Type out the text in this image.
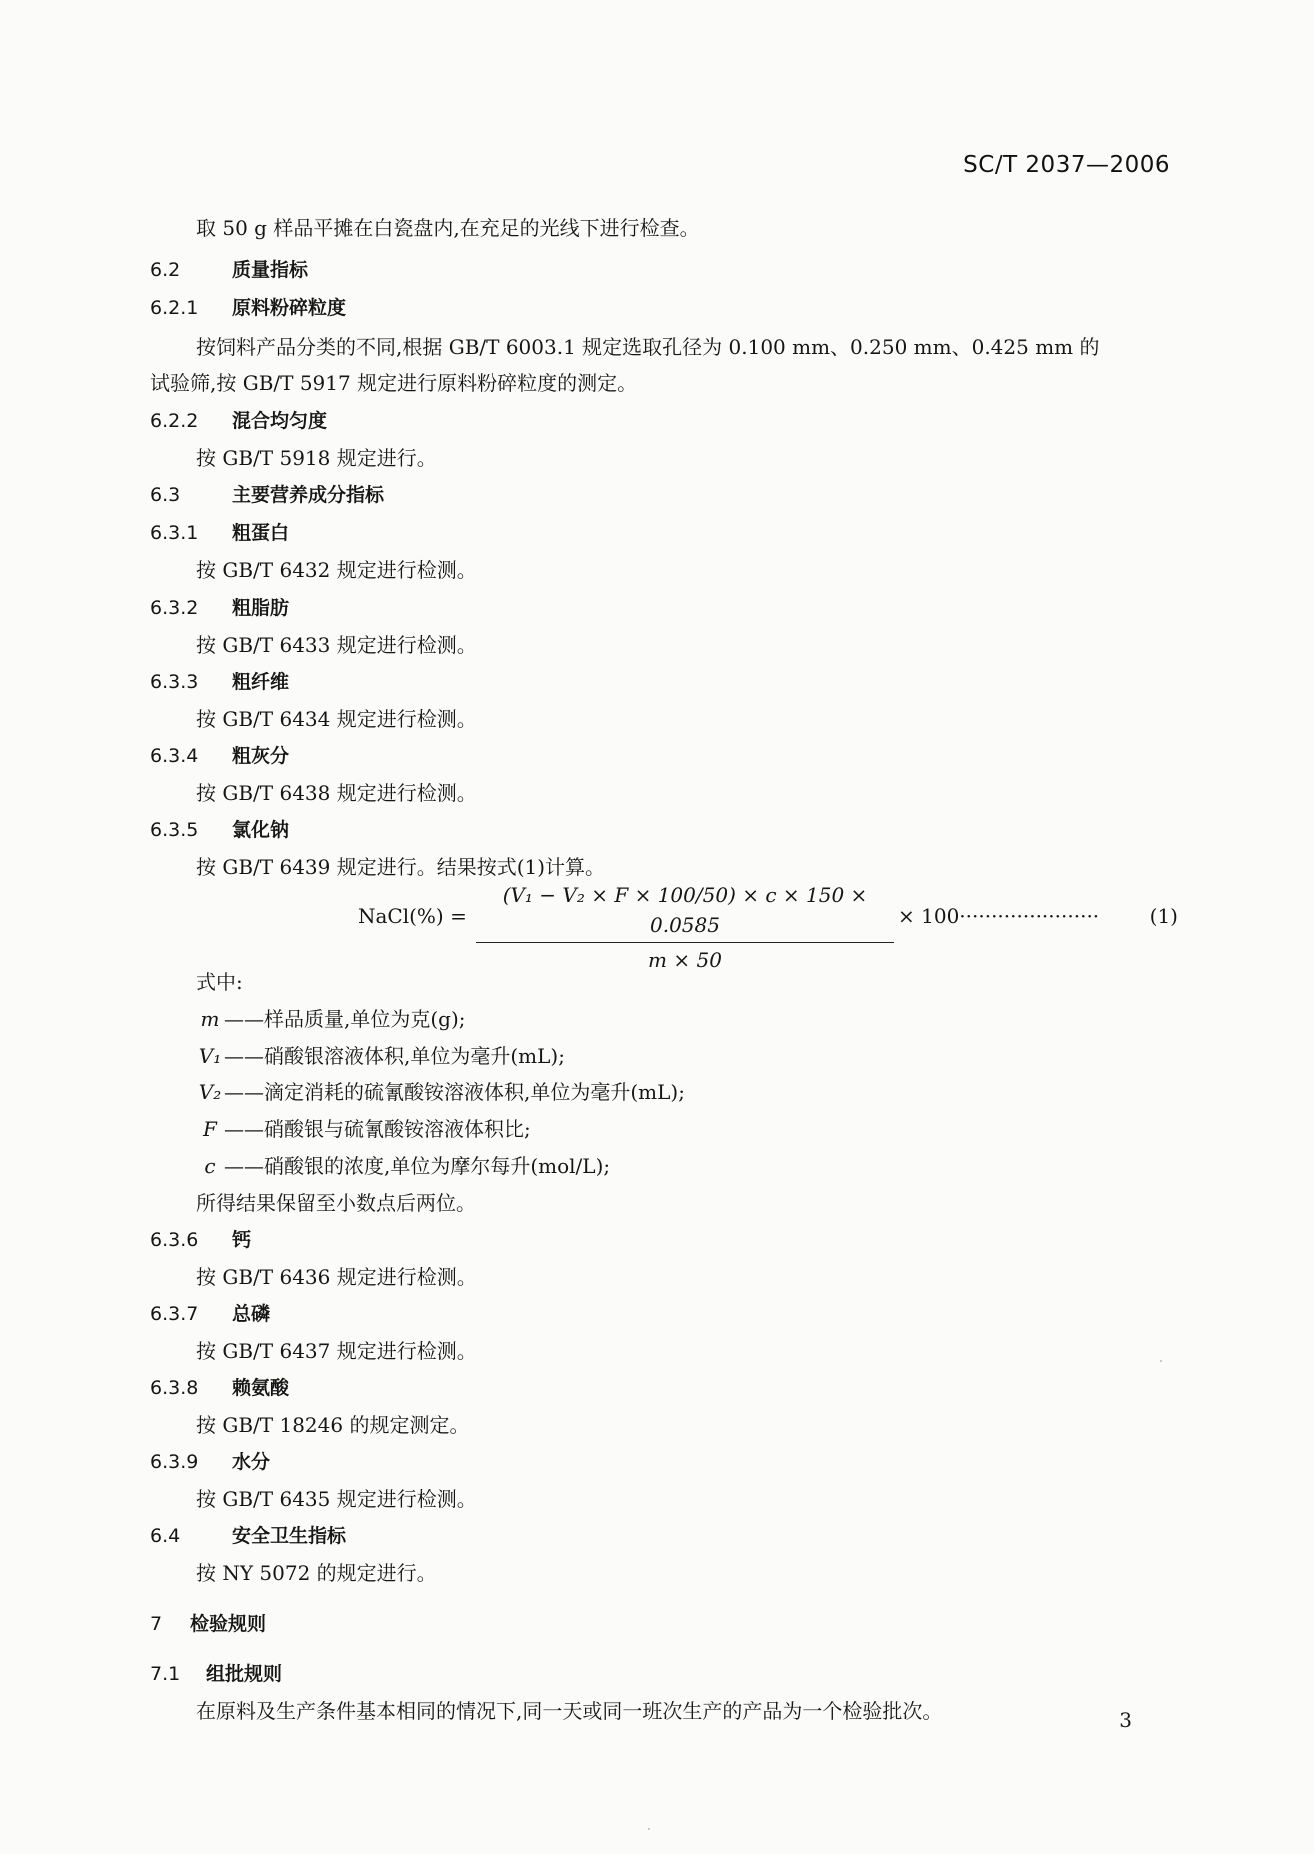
SC/T 2037—2006
取 50 g 样品平摊在白瓷盘内,在充足的光线下进行检查。
6.2	质量指标
6.2.1 原料粉碎粒度
按饲料产品分类的不同,根据 GB/T 6003.1 规定选取孔径为 0.100 mm、0.250 mm、0.425 mm 的
试验筛,按 GB/T 5917 规定进行原料粉碎粒度的测定。
6.2.2 混合均匀度
按 GB/T 5918 规定进行。
6.3	主要营养成分指标
6.3.1 粗蛋白
按 GB/T 6432 规定进行检测。
6.3.2 粗脂肪
按 GB/T 6433 规定进行检测。
6.3.3 粗纤维
按 GB/T 6434 规定进行检测。
6.3.4 粗灰分
按 GB/T 6438 规定进行检测。
6.3.5 氯化钠
按 GB/T 6439 规定进行。结果按式(1)计算。
NaCl(%) =
(V₁ − V₂ × F × 100/50) × c × 150 × 0.0585
m × 50
× 100······················	(1)
式中:
m ——样品质量,单位为克(g);
V₁ ——硝酸银溶液体积,单位为毫升(mL);
V₂ ——滴定消耗的硫氰酸铵溶液体积,单位为毫升(mL);
F ——硝酸银与硫氰酸铵溶液体积比;
c ——硝酸银的浓度,单位为摩尔每升(mol/L);
所得结果保留至小数点后两位。
6.3.6 钙
按 GB/T 6436 规定进行检测。
6.3.7 总磷
按 GB/T 6437 规定进行检测。
6.3.8 赖氨酸
按 GB/T 18246 的规定测定。
6.3.9 水分
按 GB/T 6435 规定进行检测。
6.4	安全卫生指标
按 NY 5072 的规定进行。
7 检验规则
7.1 组批规则
在原料及生产条件基本相同的情况下,同一天或同一班次生产的产品为一个检验批次。	3
